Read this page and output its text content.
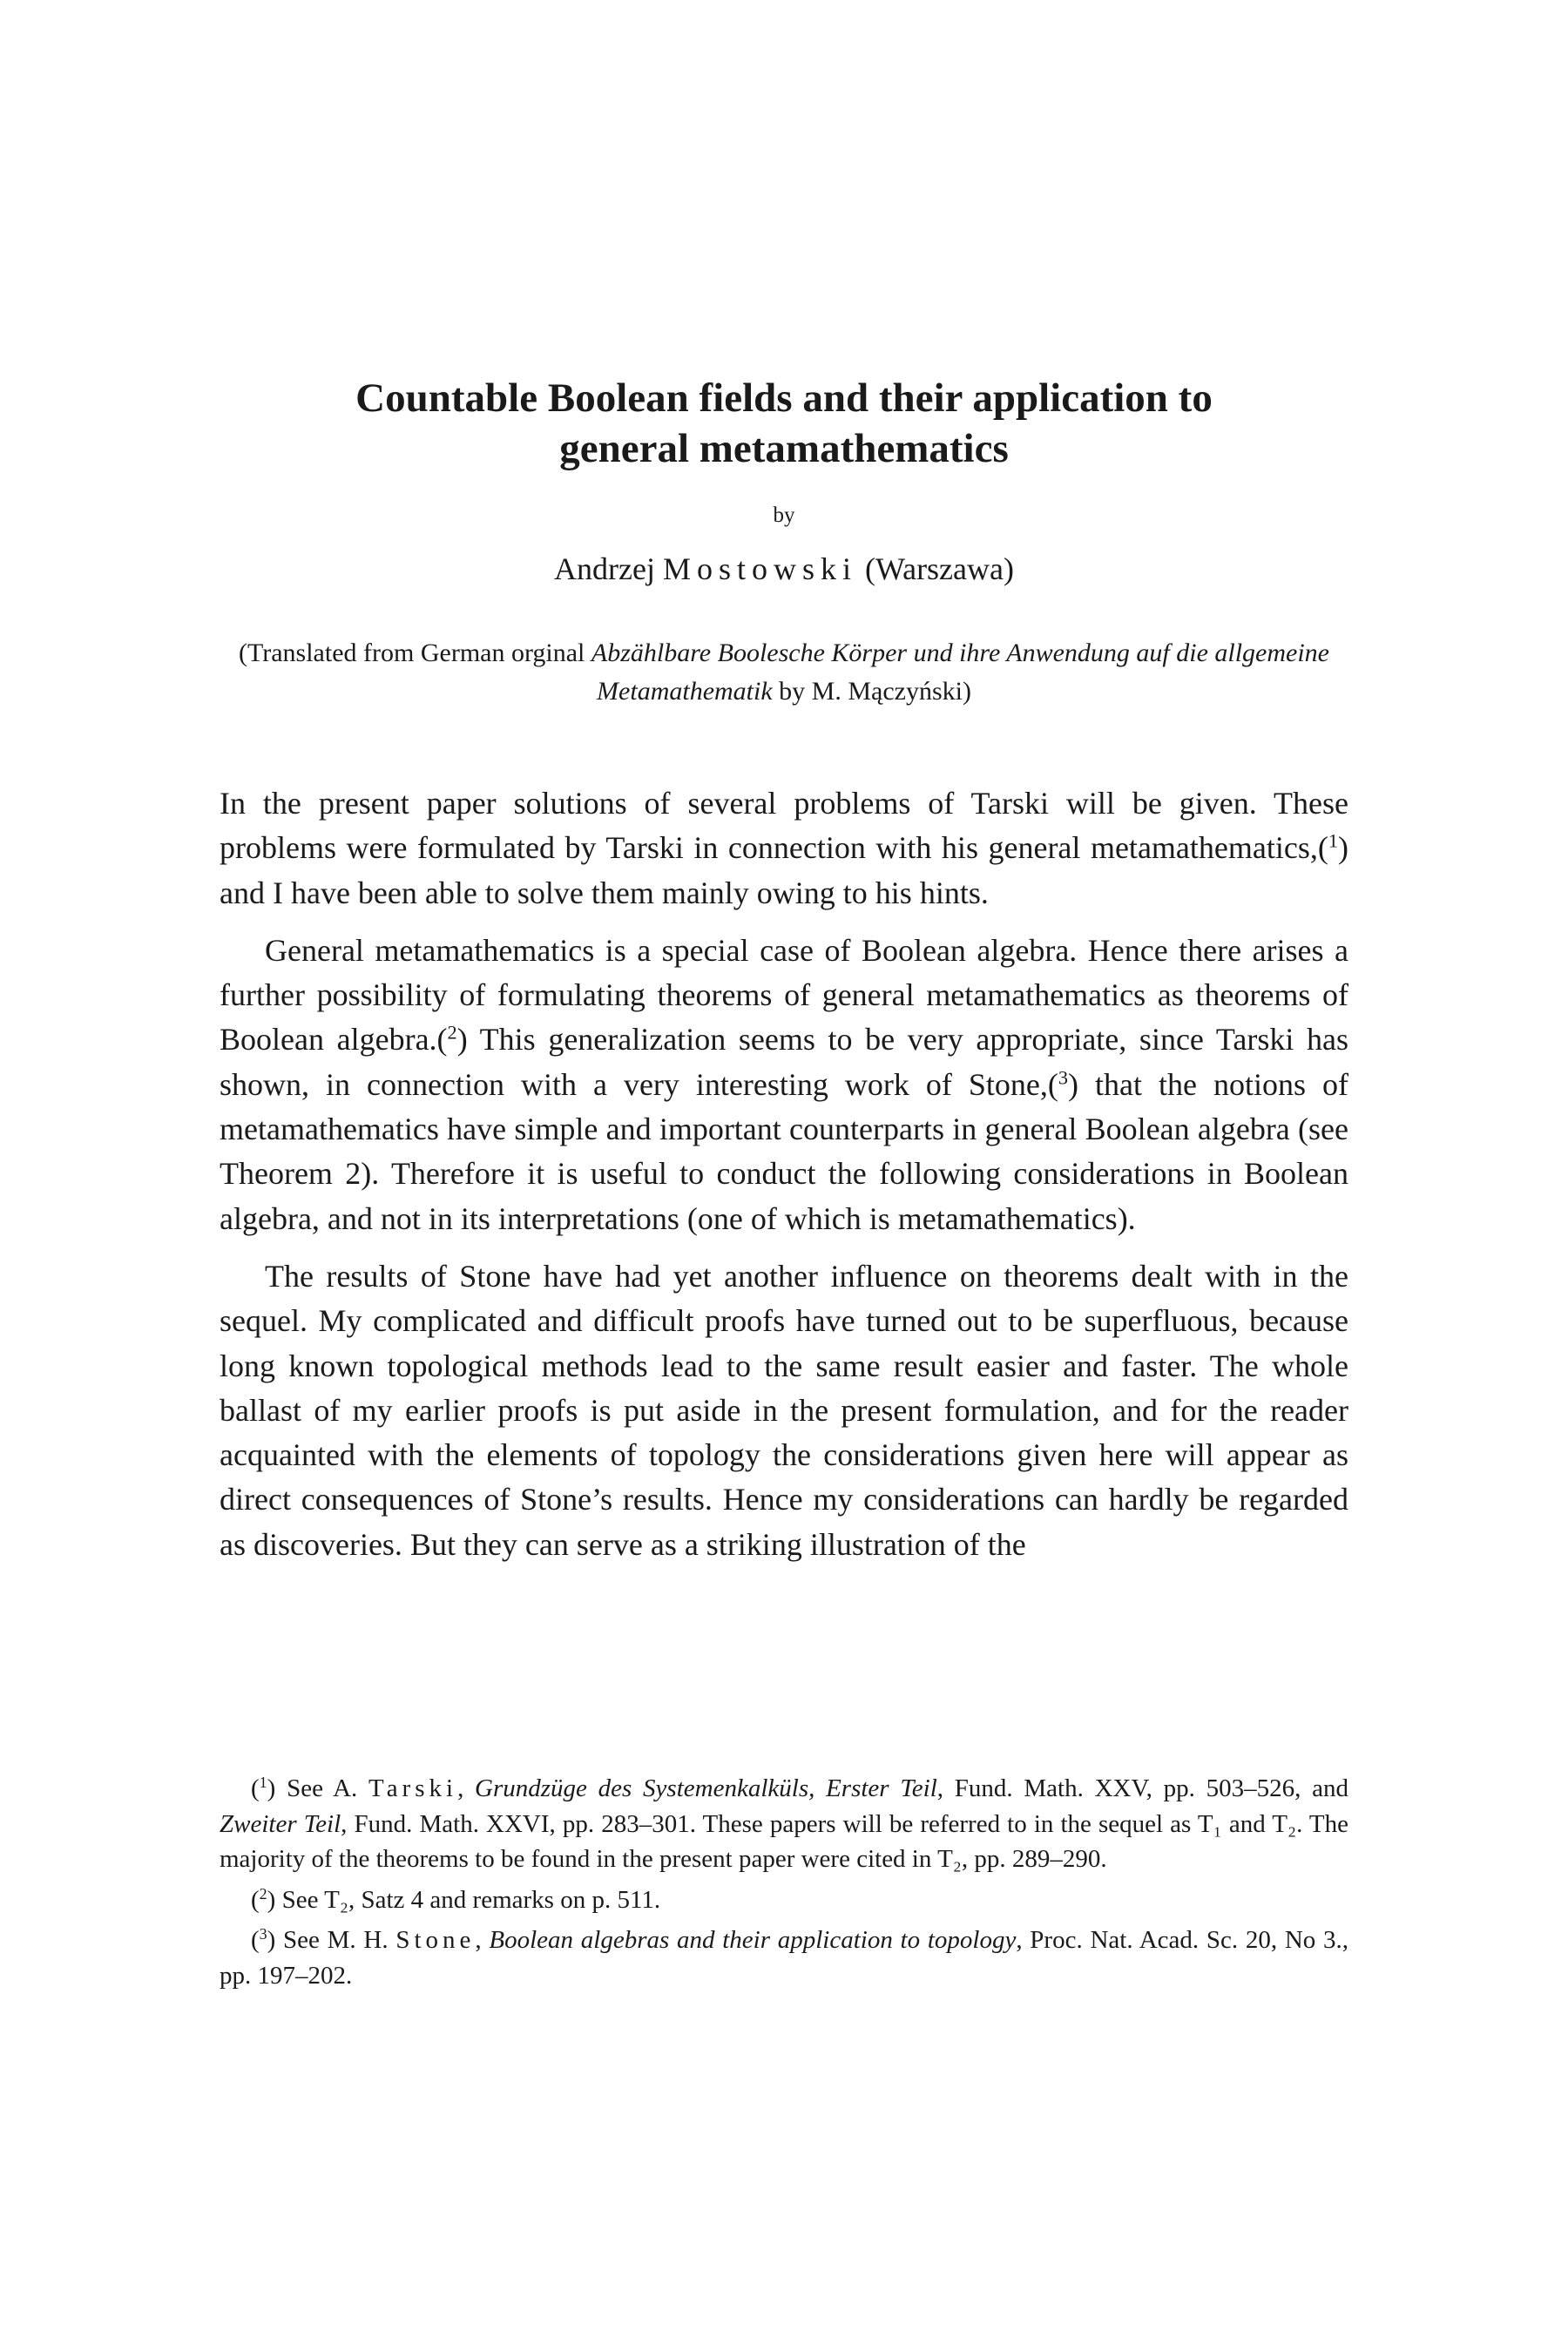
Countable Boolean fields and their application to
general metamathematics
by
Andrzej Mostowski (Warszawa)
(Translated from German orginal Abzählbare Boolesche Körper und ihre Anwendung auf die allgemeine Metamathematik by M. Mączyński)

In the present paper solutions of several problems of Tarski will be given. These problems were formulated by Tarski in connection with his general metamathematics,($^1$) and I have been able to solve them mainly owing to his hints.

General metamathematics is a special case of Boolean algebra. Hence there arises a further possibility of formulating theorems of general metamathematics as theorems of Boolean algebra.($^2$) This generalization seems to be very appropriate, since Tarski has shown, in connection with a very interesting work of Stone,($^3$) that the notions of metamathematics have simple and important counterparts in general Boolean algebra (see Theorem 2). Therefore it is useful to conduct the following considerations in Boolean algebra, and not in its interpretations (one of which is metamathematics).

The results of Stone have had yet another influence on theorems dealt with in the sequel. My complicated and difficult proofs have turned out to be superfluous, because long known topological methods lead to the same result easier and faster. The whole ballast of my earlier proofs is put aside in the present formulation, and for the reader acquainted with the elements of topology the considerations given here will appear as direct consequences of Stone’s results. Hence my considerations can hardly be regarded as discoveries. But they can serve as a striking illustration of the

($^1$) See A. Tarski, Grundzüge des Systemenkalküls, Erster Teil, Fund. Math. XXV, pp. 503–526, and Zweiter Teil, Fund. Math. XXVI, pp. 283–301. These papers will be referred to in the sequel as T₁ and T₂. The majority of the theorems to be found in the present paper were cited in T₂, pp. 289–290.

($^2$) See T₂, Satz 4 and remarks on p. 511.

($^3$) See M. H. Stone, Boolean algebras and their application to topology, Proc. Nat. Acad. Sc. 20, No 3., pp. 197–202.
